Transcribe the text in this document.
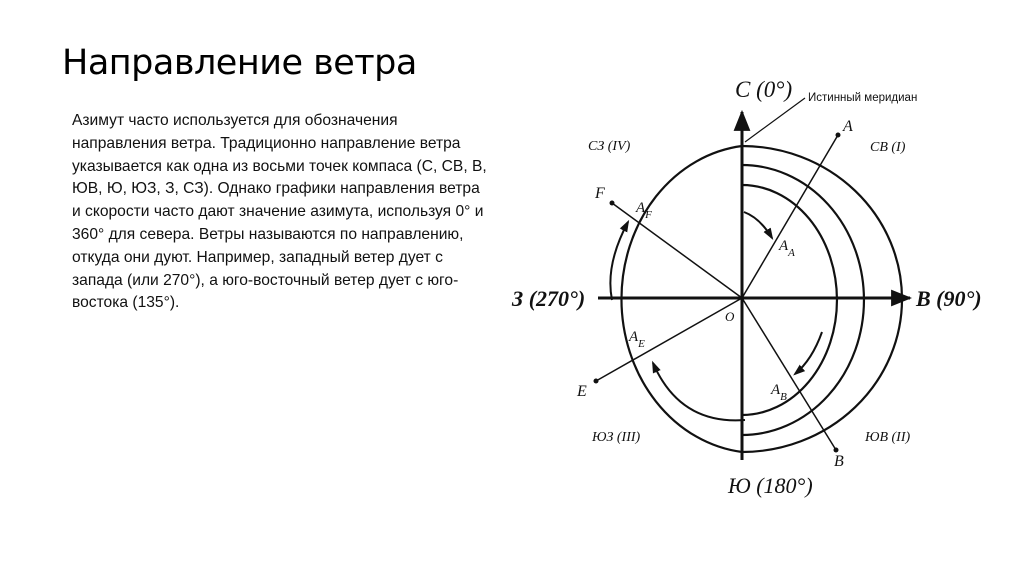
Направление ветра

Азимут часто используется для обозначения направления ветра. Традиционно направление ветра указывается как одна из восьми точек компаса (С, СВ, В, ЮВ, Ю, ЮЗ, З, СЗ). Однако графики направления ветра и скорости часто дают значение азимута, используя 0° и 360° для севера. Ветры называются по направлению, откуда они дуют. Например, западный ветер дует с запада (или 270°), а юго-восточный ветер дует с юго-востока (135°).

С (0°)
В (90°)
Ю (180°)
З (270°)
Истинный меридиан
O
СВ (I)
ЮВ (II)
ЮЗ (III)
СЗ (IV)
A
B
E
F
$A_A$
$A_B$
$A_E$
$A_F$
